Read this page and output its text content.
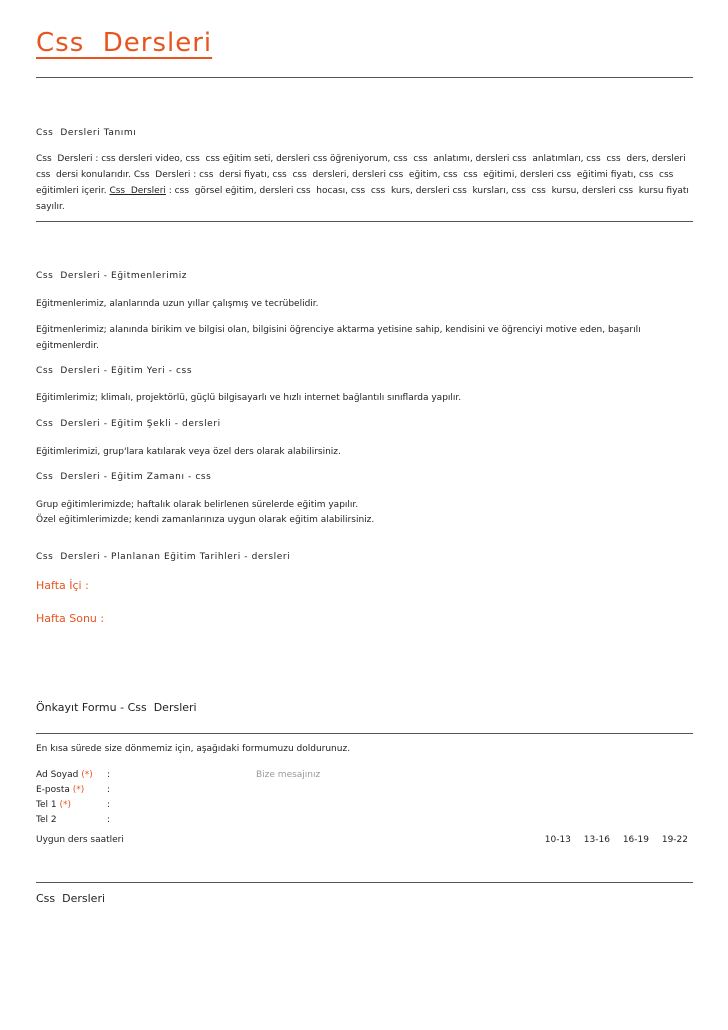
Css  Dersleri
Css  Dersleri Tanımı
Css  Dersleri : css dersleri video, css  css eğitim seti, dersleri css öğreniyorum, css  css  anlatımı, dersleri css  anlatımları, css  css  ders, dersleri css  dersi konularıdır. Css  Dersleri : css  dersi fiyatı, css  css  dersleri, dersleri css  eğitim, css  css  eğitimi, dersleri css  eğitimi fiyatı, css  css  eğitimleri içerir. Css  Dersleri : css  görsel eğitim, dersleri css  hocası, css  css  kurs, dersleri css  kursları, css  css  kursu, dersleri css  kursu fiyatı sayılır.
Css  Dersleri - Eğitmenlerimiz
Eğitmenlerimiz, alanlarında uzun yıllar çalışmış ve tecrübelidir.
Eğitmenlerimiz; alanında birikim ve bilgisi olan, bilgisini öğrenciye aktarma yetisine sahip, kendisini ve öğrenciyi motive eden, başarılı eğitmenlerdir.
Css  Dersleri - Eğitim Yeri - css
Eğitimlerimiz; klimalı, projektörlü, güçlü bilgisayarlı ve hızlı internet bağlantılı sınıflarda yapılır.
Css  Dersleri - Eğitim Şekli - dersleri
Eğitimlerimizi, grup'lara katılarak veya özel ders olarak alabilirsiniz.
Css  Dersleri - Eğitim Zamanı - css
Grup eğitimlerimizde; haftalık olarak belirlenen sürelerde eğitim yapılır.
Özel eğitimlerimizde; kendi zamanlarınıza uygun olarak eğitim alabilirsiniz.
Css  Dersleri - Planlanan Eğitim Tarihleri - dersleri
Hafta İçi :
Hafta Sonu :
Önkayıt Formu - Css  Dersleri
En kısa sürede size dönmemiz için, aşağıdaki formumuzu doldurunuz.
Ad Soyad (*)	:	Bize mesajınız
E-posta (*)	:
Tel 1 (*)	:
Tel 2	:
Uygun ders saatleri	10-13 13-16 16-19 19-22
Css  Dersleri
